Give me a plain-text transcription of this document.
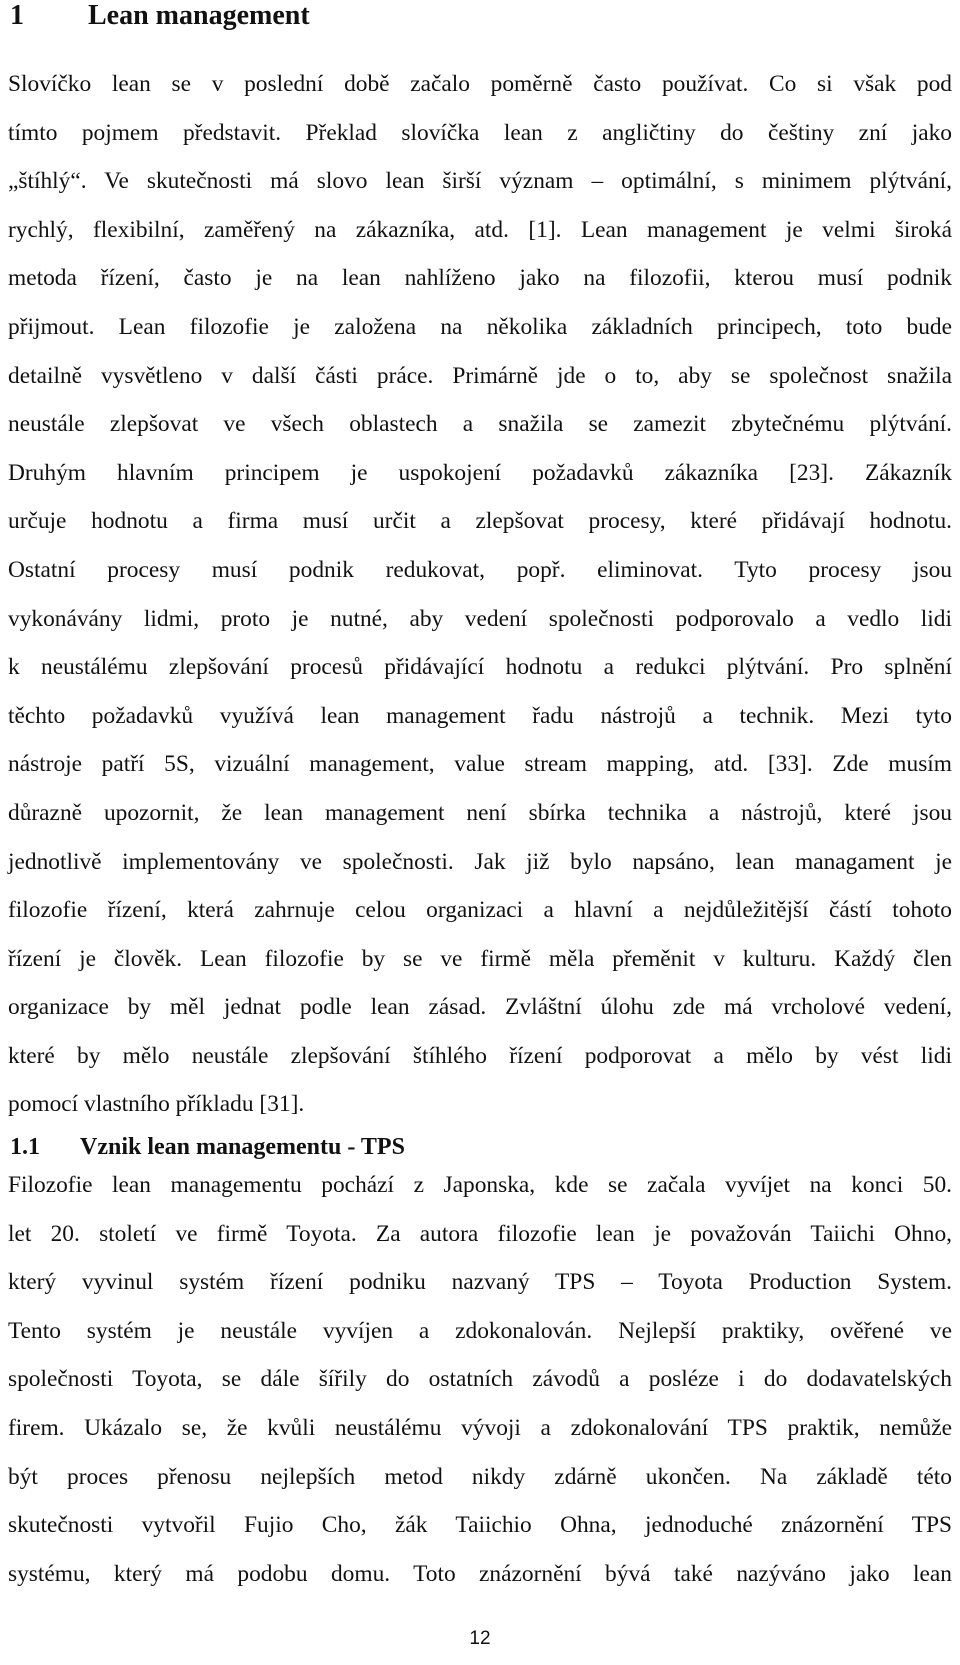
1 Lean management
Slovíčko lean se v poslední době začalo poměrně často používat. Co si však pod
tímto pojmem představit. Překlad slovíčka lean z angličtiny do češtiny zní jako
„štíhlý“. Ve skutečnosti má slovo lean širší význam – optimální, s minimem plýtvání,
rychlý, flexibilní, zaměřený na zákazníka, atd. [1]. Lean management je velmi široká
metoda řízení, často je na lean nahlíženo jako na filozofii, kterou musí podnik
přijmout. Lean filozofie je založena na několika základních principech, toto bude
detailně vysvětleno v další části práce. Primárně jde o to, aby se společnost snažila
neustále zlepšovat ve všech oblastech a snažila se zamezit zbytečnému plýtvání.
Druhým hlavním principem je uspokojení požadavků zákazníka [23]. Zákazník
určuje hodnotu a firma musí určit a zlepšovat procesy, které přidávají hodnotu.
Ostatní procesy musí podnik redukovat, popř. eliminovat. Tyto procesy jsou
vykonávány lidmi, proto je nutné, aby vedení společnosti podporovalo a vedlo lidi
k neustálému zlepšování procesů přidávající hodnotu a redukci plýtvání. Pro splnění
těchto požadavků využívá lean management řadu nástrojů a technik. Mezi tyto
nástroje patří 5S, vizuální management, value stream mapping, atd. [33]. Zde musím
důrazně upozornit, že lean management není sbírka technika a nástrojů, které jsou
jednotlivě implementovány ve společnosti. Jak již bylo napsáno, lean managament je
filozofie řízení, která zahrnuje celou organizaci a hlavní a nejdůležitější částí tohoto
řízení je člověk. Lean filozofie by se ve firmě měla přeměnit v kulturu. Každý člen
organizace by měl jednat podle lean zásad. Zvláštní úlohu zde má vrcholové vedení,
které by mělo neustále zlepšování štíhlého řízení podporovat a mělo by vést lidi
pomocí vlastního příkladu [31].
1.1 Vznik lean managementu - TPS
Filozofie lean managementu pochází z Japonska, kde se začala vyvíjet na konci 50.
let 20. století ve firmě Toyota. Za autora filozofie lean je považován Taiichi Ohno,
který vyvinul systém řízení podniku nazvaný TPS – Toyota Production System.
Tento systém je neustále vyvíjen a zdokonalován. Nejlepší praktiky, ověřené ve
společnosti Toyota, se dále šířily do ostatních závodů a posléze i do dodavatelských
firem. Ukázalo se, že kvůli neustálému vývoji a zdokonalování TPS praktik, nemůže
být proces přenosu nejlepších metod nikdy zdárně ukončen. Na základě této
skutečnosti vytvořil Fujio Cho, žák Taiichio Ohna, jednoduché znázornění TPS
systému, který má podobu domu. Toto znázornění bývá také nazýváno jako lean
12
